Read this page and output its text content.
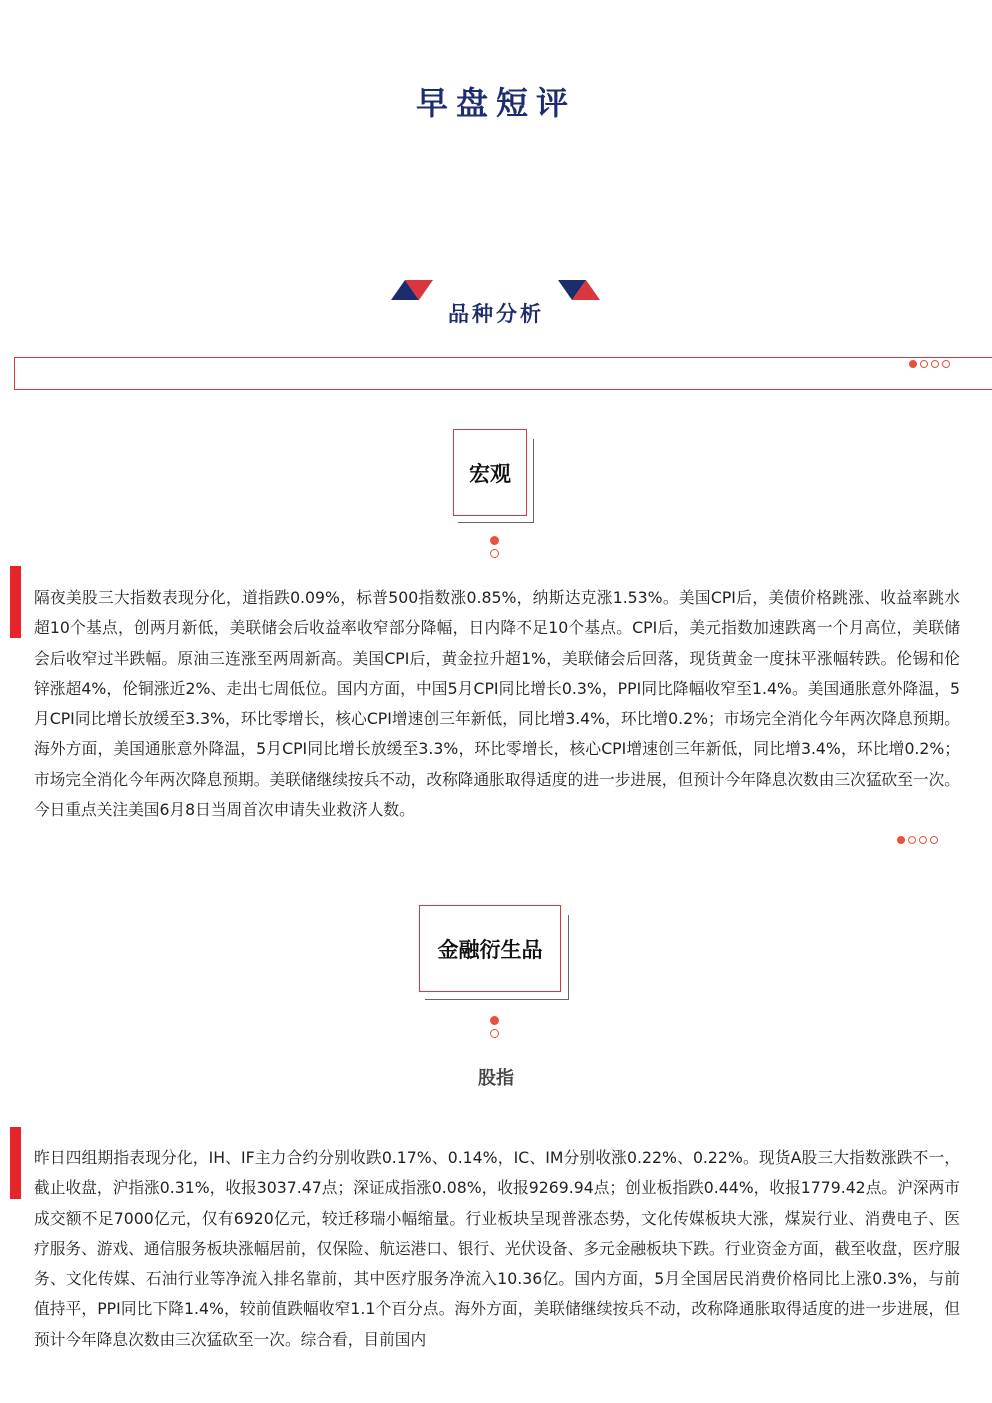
早盘短评
品种分析
宏观
隔夜美股三大指数表现分化，道指跌0.09%，标普500指数涨0.85%，纳斯达克涨1.53%。美国CPI后，美债价格跳涨、收益率跳水超10个基点，创两月新低，美联储会后收益率收窄部分降幅，日内降不足10个基点。CPI后，美元指数加速跌离一个月高位，美联储会后收窄过半跌幅。原油三连涨至两周新高。美国CPI后，黄金拉升超1%，美联储会后回落，现货黄金一度抹平涨幅转跌。伦锡和伦锌涨超4%，伦铜涨近2%、走出七周低位。国内方面，中国5月CPI同比增长0.3%，PPI同比降幅收窄至1.4%。美国通胀意外降温，5月CPI同比增长放缓至3.3%，环比零增长，核心CPI增速创三年新低，同比增3.4%，环比增0.2%；市场完全消化今年两次降息预期。海外方面，美国通胀意外降温，5月CPI同比增长放缓至3.3%，环比零增长，核心CPI增速创三年新低，同比增3.4%，环比增0.2%；市场完全消化今年两次降息预期。美联储继续按兵不动，改称降通胀取得适度的进一步进展，但预计今年降息次数由三次猛砍至一次。今日重点关注美国6月8日当周首次申请失业救济人数。
金融衍生品
股指
昨日四组期指表现分化，IH、IF主力合约分别收跌0.17%、0.14%，IC、IM分别收涨0.22%、0.22%。现货A股三大指数涨跌不一，截止收盘，沪指涨0.31%，收报3037.47点；深证成指涨0.08%，收报9269.94点；创业板指跌0.44%，收报1779.42点。沪深两市成交额不足7000亿元，仅有6920亿元，较迁移瑞小幅缩量。行业板块呈现普涨态势，文化传媒板块大涨，煤炭行业、消费电子、医疗服务、游戏、通信服务板块涨幅居前，仅保险、航运港口、银行、光伏设备、多元金融板块下跌。行业资金方面，截至收盘，医疗服务、文化传媒、石油行业等净流入排名靠前，其中医疗服务净流入10.36亿。国内方面，5月全国居民消费价格同比上涨0.3%，与前值持平，PPI同比下降1.4%，较前值跌幅收窄1.1个百分点。海外方面，美联储继续按兵不动，改称降通胀取得适度的进一步进展，但预计今年降息次数由三次猛砍至一次。综合看，目前国内
